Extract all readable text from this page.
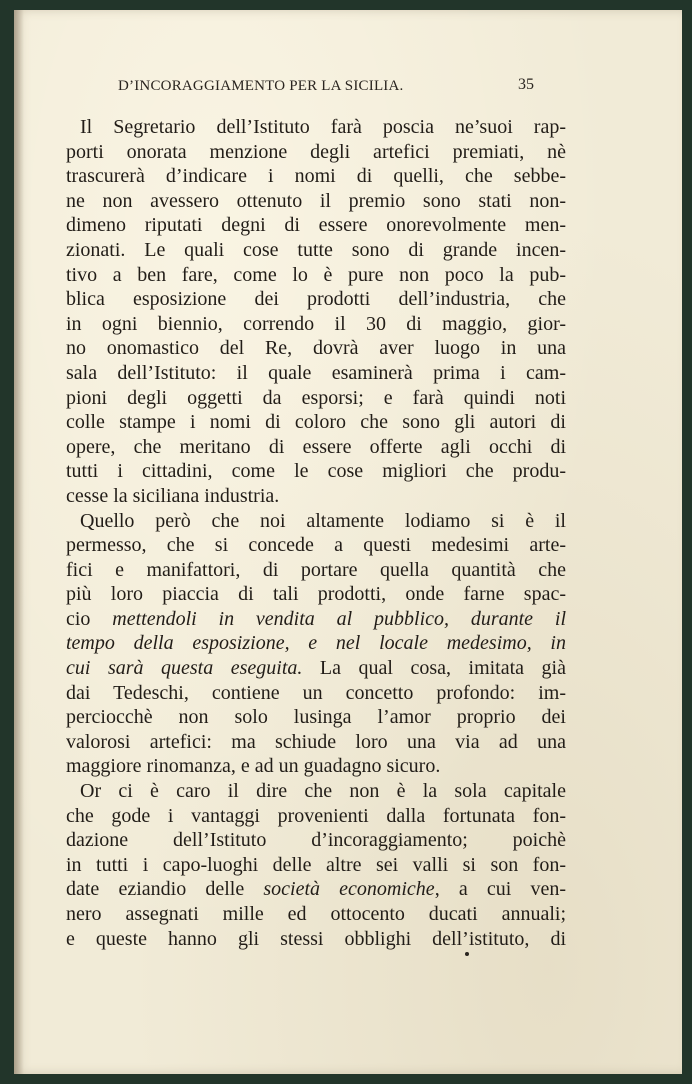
D’INCORAGGIAMENTO PER LA SICILIA.	35
Il Segretario dell’Istituto farà poscia ne’suoi rap-
porti onorata menzione degli artefici premiati, nè
trascurerà d’indicare i nomi di quelli, che sebbe-
ne non avessero ottenuto il premio sono stati non-
dimeno riputati degni di essere onorevolmente men-
zionati. Le quali cose tutte sono di grande incen-
tivo a ben fare, come lo è pure non poco la pub-
blica esposizione dei prodotti dell’industria, che
in ogni biennio, correndo il 30 di maggio, gior-
no onomastico del Re, dovrà aver luogo in una
sala dell’Istituto: il quale esaminerà prima i cam-
pioni degli oggetti da esporsi; e farà quindi noti
colle stampe i nomi di coloro che sono gli autori di
opere, che meritano di essere offerte agli occhi di
tutti i cittadini, come le cose migliori che produ-
cesse la siciliana industria.
Quello però che noi altamente lodiamo si è il
permesso, che si concede a questi medesimi arte-
fici e manifattori, di portare quella quantità che
più loro piaccia di tali prodotti, onde farne spac-
cio mettendoli in vendita al pubblico, durante il
tempo della esposizione, e nel locale medesimo, in
cui sarà questa eseguita. La qual cosa, imitata già
dai Tedeschi, contiene un concetto profondo: im-
perciocchè non solo lusinga l’amor proprio dei
valorosi artefici: ma schiude loro una via ad una
maggiore rinomanza, e ad un guadagno sicuro.
Or ci è caro il dire che non è la sola capitale
che gode i vantaggi provenienti dalla fortunata fon-
dazione dell’Istituto d’incoraggiamento; poichè
in tutti i capo-luoghi delle altre sei valli si son fon-
date eziandio delle società economiche, a cui ven-
nero assegnati mille ed ottocento ducati annuali;
e queste hanno gli stessi obblighi dell’istituto, di
